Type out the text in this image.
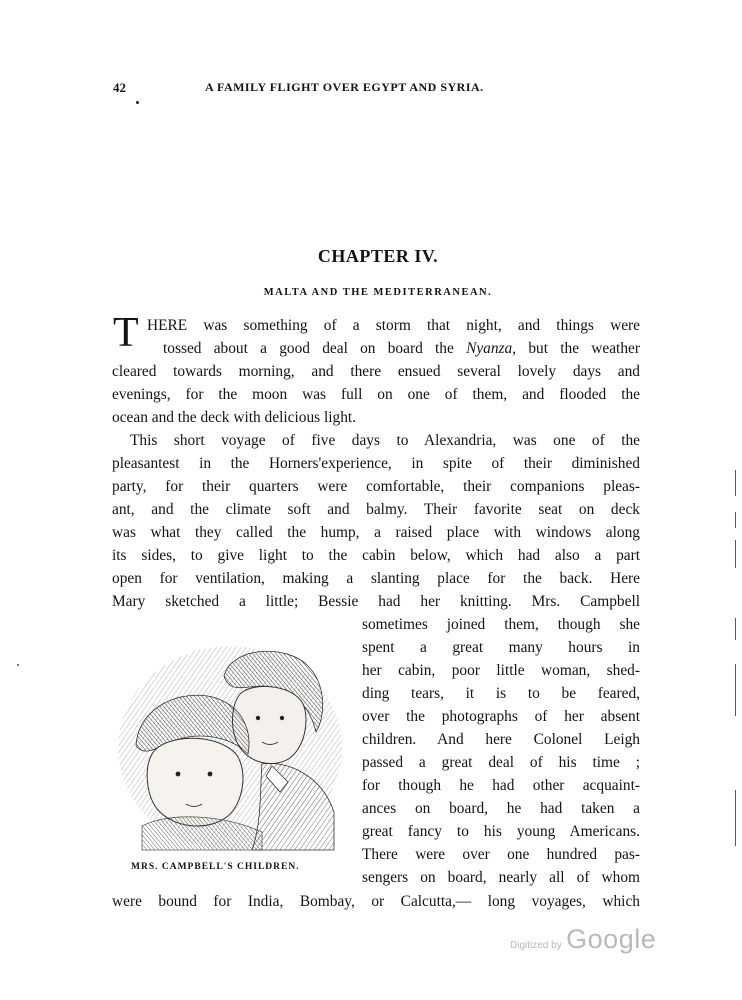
42	A FAMILY FLIGHT OVER EGYPT AND SYRIA.
CHAPTER IV.
MALTA AND THE MEDITERRANEAN.
T HERE was something of a storm that night, and things were
tossed about a good deal on board the Nyanza, but the weather
cleared towards morning, and there ensued several lovely days and
evenings, for the moon was full on one of them, and flooded the
ocean and the deck with delicious light.
This short voyage of five days to Alexandria, was one of the
pleasantest in the Horners'experience, in spite of their diminished
party, for their quarters were comfortable, their companions pleas-
ant, and the climate soft and balmy. Their favorite seat on deck
was what they called the hump, a raised place with windows along
its sides, to give light to the cabin below, which had also a part
open for ventilation, making a slanting place for the back. Here
Mary sketched a little; Bessie had her knitting. Mrs. Campbell
sometimes joined them, though she
spent a great many hours in
her cabin, poor little woman, shed-
ding tears, it is to be feared,
over the photographs of her absent
children. And here Colonel Leigh
passed a great deal of his time ;
for though he had other acquaint-
ances on board, he had taken a
great fancy to his young Americans.
There were over one hundred pas-
sengers on board, nearly all of whom
were bound for India, Bombay, or Calcutta,— long voyages, which
MRS. CAMPBELL'S CHILDREN.
Digitized by Google
